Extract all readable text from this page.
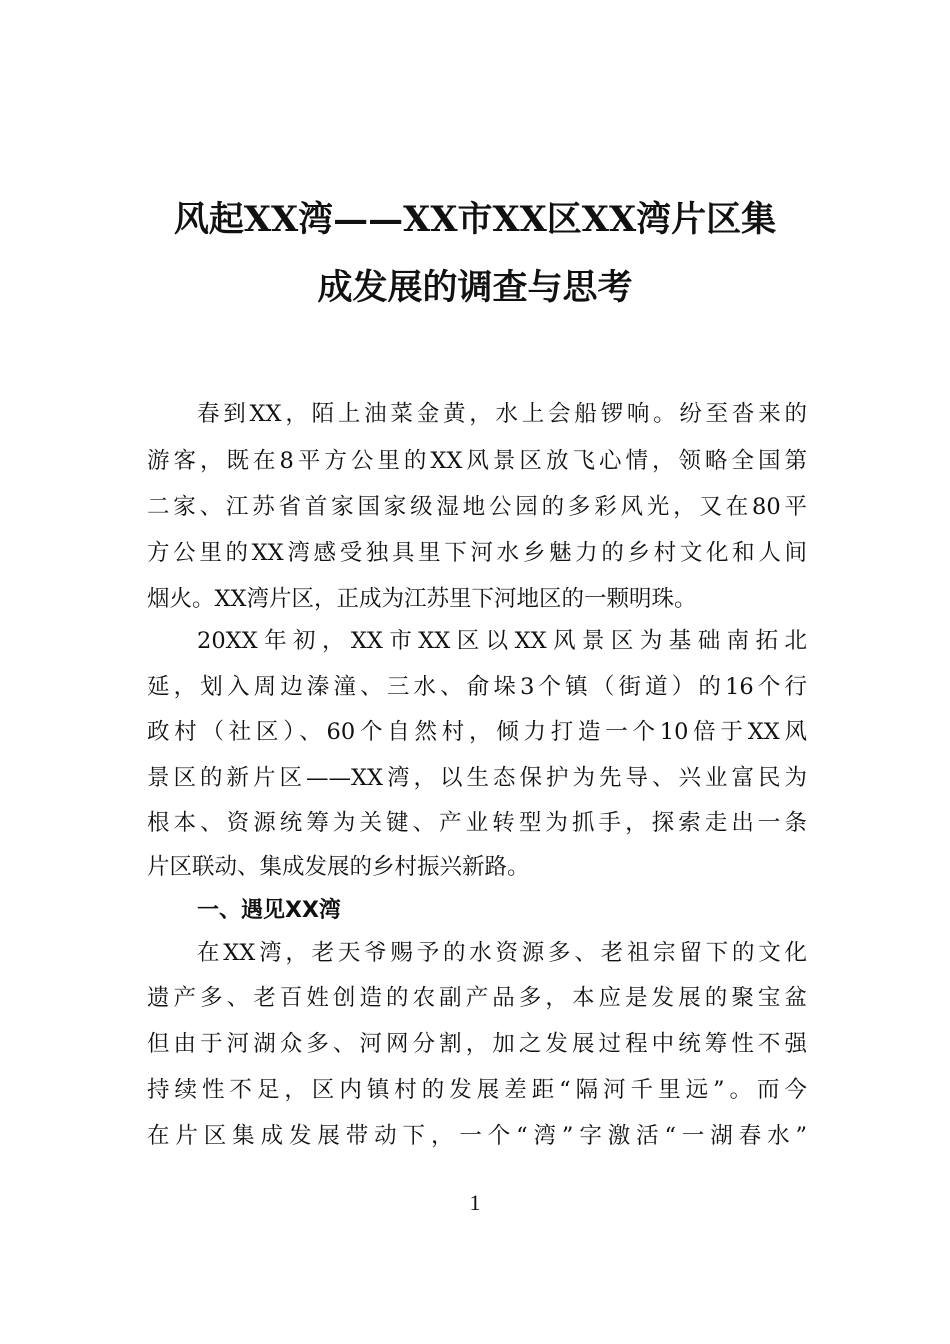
风起XX湾——XX市XX区XX湾片区集
成发展的调查与思考
春到XX，陌上油菜金黄，水上会船锣响。纷至沓来的
游客，既在8平方公里的XX风景区放飞心情，领略全国第
二家、江苏省首家国家级湿地公园的多彩风光，又在80平
方公里的XX湾感受独具里下河水乡魅力的乡村文化和人间
烟火。XX湾片区，正成为江苏里下河地区的一颗明珠。
20XX年初，XX市XX区以XX风景区为基础南拓北
延，划入周边溱潼、三水、俞垛3个镇（街道）的16个行
政村（社区）、60个自然村，倾力打造一个10倍于XX风
景区的新片区——XX湾，以生态保护为先导、兴业富民为
根本、资源统筹为关键、产业转型为抓手，探索走出一条
片区联动、集成发展的乡村振兴新路。
一、遇见XX湾
在XX湾，老天爷赐予的水资源多、老祖宗留下的文化
遗产多、老百姓创造的农副产品多，本应是发展的聚宝盆
但由于河湖众多、河网分割，加之发展过程中统筹性不强
持续性不足，区内镇村的发展差距“隔河千里远”。而今
在片区集成发展带动下，一个“湾”字激活“一湖春水”
1
